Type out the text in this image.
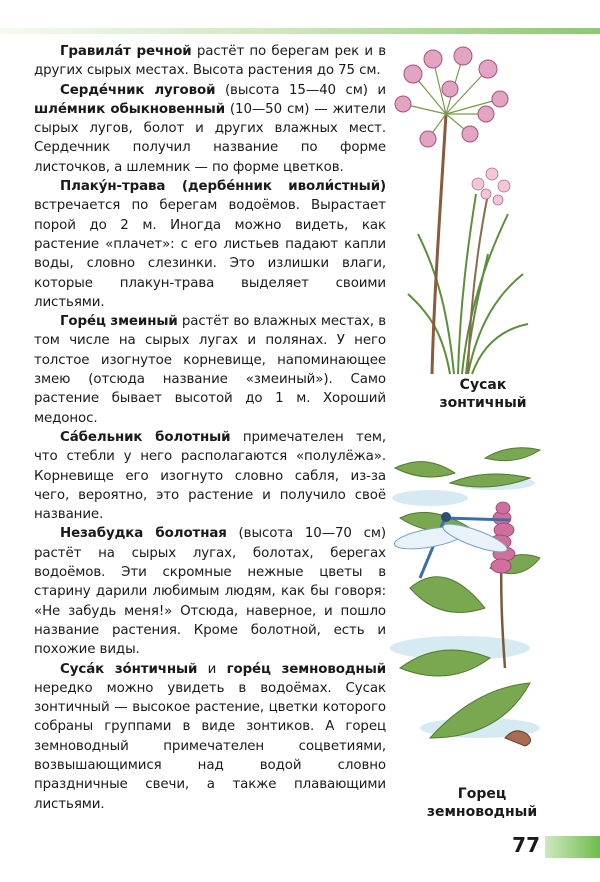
Гравила́т речной растёт по берегам рек и в других сырых местах. Высота растения до 75 см.

Серде́чник луговой (высота 15—40 см) и шле́мник обыкновенный (10—50 см) — жители сырых лугов, болот и других влажных мест. Сердечник получил название по форме листочков, а шлемник — по форме цветков.

Плаку́н-трава (дербе́нник иволи́стный) встречается по берегам водоёмов. Вырастает порой до 2 м. Иногда можно видеть, как растение «плачет»: с его листьев падают капли воды, словно слезинки. Это излишки влаги, которые плакун-трава выделяет своими листьями.

Горе́ц змеиный растёт во влажных местах, в том числе на сырых лугах и полянах. У него толстое изогнутое корневище, напоминающее змею (отсюда название «змеиный»). Само растение бывает высотой до 1 м. Хороший медонос.

Са́бельник болотный примечателен тем, что стебли у него располагаются «полулёжа». Корневище его изогнуто словно сабля, из-за чего, вероятно, это растение и получило своё название.

Незабудка болотная (высота 10—70 см) растёт на сырых лугах, болотах, берегах водоёмов. Эти скромные нежные цветы в старину дарили любимым людям, как бы говоря: «Не забудь меня!» Отсюда, наверное, и пошло название растения. Кроме болотной, есть и похожие виды.

Суса́к зо́нтичный и горе́ц земноводный нередко можно увидеть в водоёмах. Сусак зонтичный — высокое растение, цветки которого собраны группами в виде зонтиков. А горец земноводный примечателен соцветиями, возвышающимися над водой словно праздничные свечи, а также плавающими листьями.

Сусак
зонтичный
Горец
земноводный
77
